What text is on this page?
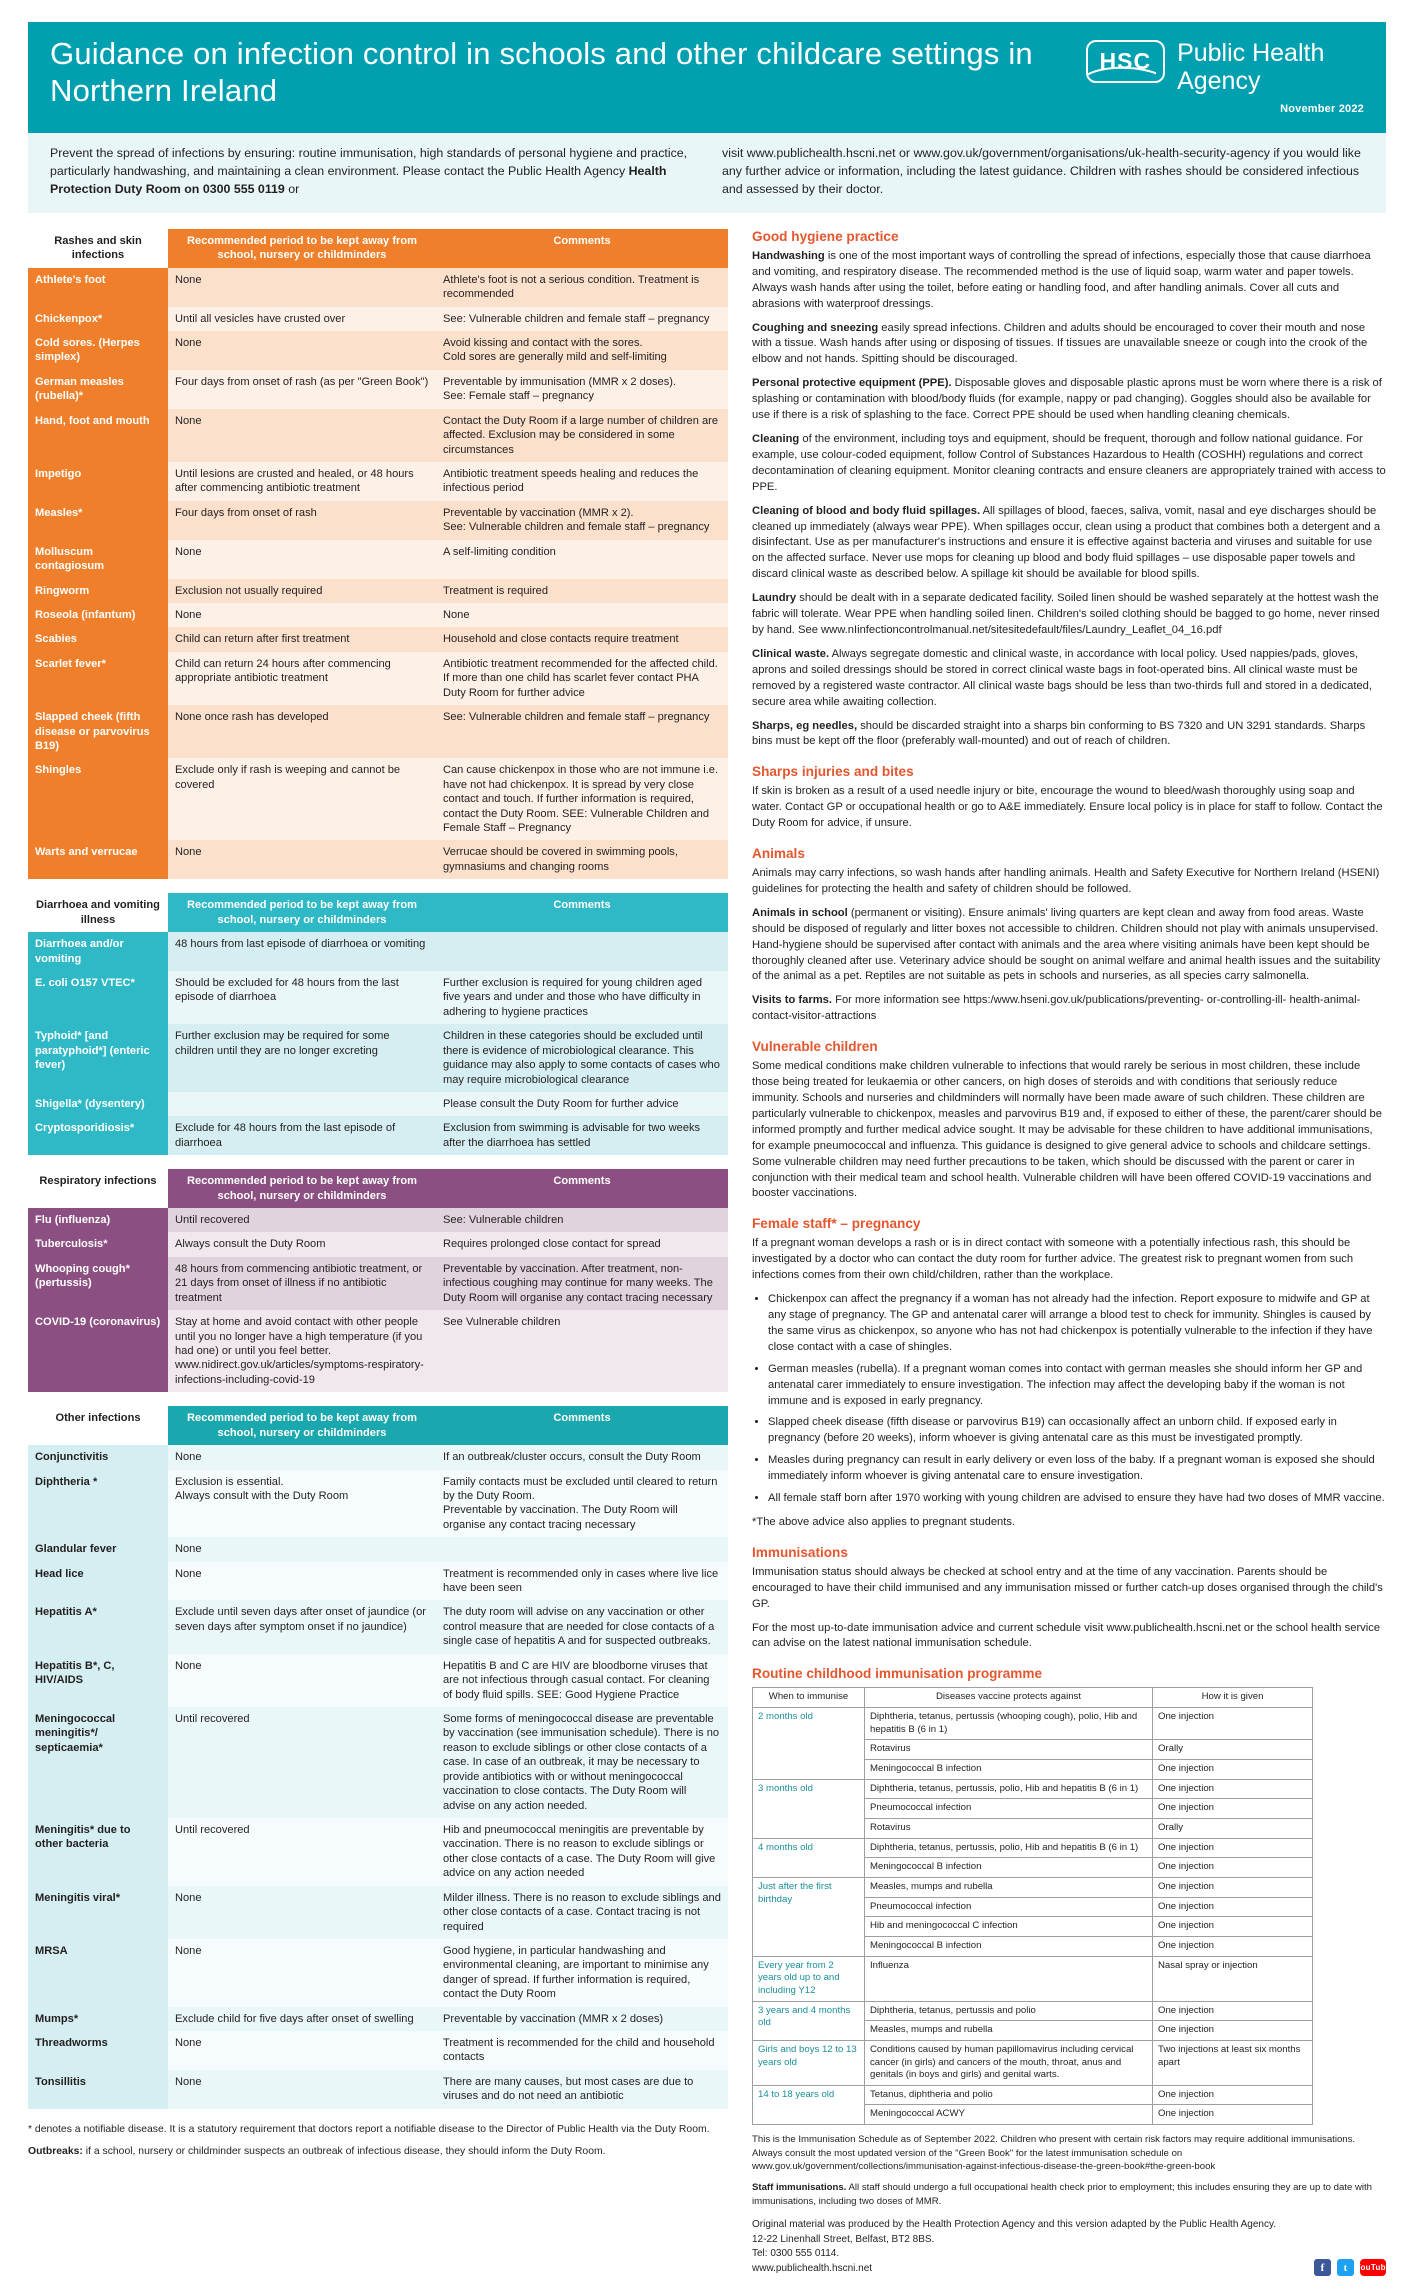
Guidance on infection control in schools and other childcare settings in Northern Ireland
HSC	Public Health Agency
November 2022

Prevent the spread of infections by ensuring: routine immunisation, high standards of personal hygiene and practice, particularly handwashing, and maintaining a clean environment. Please contact the Public Health Agency Health Protection Duty Room on 0300 555 0119 or

visit www.publichealth.hscni.net or www.gov.uk/government/organisations/uk-health-security-agency if you would like any further advice or information, including the latest guidance. Children with rashes should be considered infectious and assessed by their doctor.

Rashes and skin infections	Recommended period to be kept away from school, nursery or childminders	Comments
Athlete's foot	None	Athlete's foot is not a serious condition. Treatment is recommended
Chickenpox*	Until all vesicles have crusted over	See: Vulnerable children and female staff – pregnancy
Cold sores. (Herpes simplex)	None	Avoid kissing and contact with the sores.
Cold sores are generally mild and self-limiting
German measles (rubella)*	Four days from onset of rash (as per "Green Book")	Preventable by immunisation (MMR x 2 doses).
See: Female staff – pregnancy
Hand, foot and mouth	None	Contact the Duty Room if a large number of children are affected. Exclusion may be considered in some circumstances
Impetigo	Until lesions are crusted and healed, or 48 hours after commencing antibiotic treatment	Antibiotic treatment speeds healing and reduces the infectious period
Measles*	Four days from onset of rash	Preventable by vaccination (MMR x 2).
See: Vulnerable children and female staff – pregnancy
Molluscum contagiosum	None	A self-limiting condition
Ringworm	Exclusion not usually required	Treatment is required
Roseola (infantum)	None	None
Scabies	Child can return after first treatment	Household and close contacts require treatment
Scarlet fever*	Child can return 24 hours after commencing appropriate antibiotic treatment	Antibiotic treatment recommended for the affected child. If more than one child has scarlet fever contact PHA Duty Room for further advice
Slapped cheek (fifth disease or parvovirus B19)	None once rash has developed	See: Vulnerable children and female staff – pregnancy
Shingles	Exclude only if rash is weeping and cannot be covered	Can cause chickenpox in those who are not immune i.e. have not had chickenpox. It is spread by very close contact and touch. If further information is required, contact the Duty Room. SEE: Vulnerable Children and Female Staff – Pregnancy
Warts and verrucae	None	Verrucae should be covered in swimming pools, gymnasiums and changing rooms
Diarrhoea and vomiting illness	Recommended period to be kept away from school, nursery or childminders	Comments
Diarrhoea and/or vomiting	48 hours from last episode of diarrhoea or vomiting	
E. coli O157 VTEC*	Should be excluded for 48 hours from the last episode of diarrhoea	Further exclusion is required for young children aged five years and under and those who have difficulty in adhering to hygiene practices
Typhoid* [and paratyphoid*] (enteric fever)	Further exclusion may be required for some children until they are no longer excreting	Children in these categories should be excluded until there is evidence of microbiological clearance. This guidance may also apply to some contacts of cases who may require microbiological clearance
Shigella* (dysentery)		Please consult the Duty Room for further advice
Cryptosporidiosis*	Exclude for 48 hours from the last episode of diarrhoea	Exclusion from swimming is advisable for two weeks after the diarrhoea has settled
Respiratory infections	Recommended period to be kept away from school, nursery or childminders	Comments
Flu (influenza)	Until recovered	See: Vulnerable children
Tuberculosis*	Always consult the Duty Room	Requires prolonged close contact for spread
Whooping cough* (pertussis)	48 hours from commencing antibiotic treatment, or 21 days from onset of illness if no antibiotic treatment	Preventable by vaccination. After treatment, non-infectious coughing may continue for many weeks. The Duty Room will organise any contact tracing necessary
COVID-19 (coronavirus)	Stay at home and avoid contact with other people until you no longer have a high temperature (if you had one) or until you feel better. www.nidirect.gov.uk/articles/symptoms-respiratory-infections-including-covid-19	See Vulnerable children
Other infections	Recommended period to be kept away from school, nursery or childminders	Comments
Conjunctivitis	None	If an outbreak/cluster occurs, consult the Duty Room
Diphtheria *	Exclusion is essential.
Always consult with the Duty Room	Family contacts must be excluded until cleared to return by the Duty Room.
Preventable by vaccination. The Duty Room will organise any contact tracing necessary
Glandular fever	None	
Head lice	None	Treatment is recommended only in cases where live lice have been seen
Hepatitis A*	Exclude until seven days after onset of jaundice (or seven days after symptom onset if no jaundice)	The duty room will advise on any vaccination or other control measure that are needed for close contacts of a single case of hepatitis A and for suspected outbreaks.
Hepatitis B*, C, HIV/AIDS	None	Hepatitis B and C are HIV are bloodborne viruses that are not infectious through casual contact. For cleaning of body fluid spills. SEE: Good Hygiene Practice
Meningococcal meningitis*/ septicaemia*	Until recovered	Some forms of meningococcal disease are preventable by vaccination (see immunisation schedule). There is no reason to exclude siblings or other close contacts of a case. In case of an outbreak, it may be necessary to provide antibiotics with or without meningococcal vaccination to close contacts. The Duty Room will advise on any action needed.
Meningitis* due to other bacteria	Until recovered	Hib and pneumococcal meningitis are preventable by vaccination. There is no reason to exclude siblings or other close contacts of a case. The Duty Room will give advice on any action needed
Meningitis viral*	None	Milder illness. There is no reason to exclude siblings and other close contacts of a case. Contact tracing is not required
MRSA	None	Good hygiene, in particular handwashing and environmental cleaning, are important to minimise any danger of spread. If further information is required, contact the Duty Room
Mumps*	Exclude child for five days after onset of swelling	Preventable by vaccination (MMR x 2 doses)
Threadworms	None	Treatment is recommended for the child and household contacts
Tonsillitis	None	There are many causes, but most cases are due to viruses and do not need an antibiotic
* denotes a notifiable disease. It is a statutory requirement that doctors report a notifiable disease to the Director of Public Health via the Duty Room.
Outbreaks: if a school, nursery or childminder suspects an outbreak of infectious disease, they should inform the Duty Room.
Good hygiene practice

Handwashing is one of the most important ways of controlling the spread of infections, especially those that cause diarrhoea and vomiting, and respiratory disease. The recommended method is the use of liquid soap, warm water and paper towels. Always wash hands after using the toilet, before eating or handling food, and after handling animals. Cover all cuts and abrasions with waterproof dressings.

Coughing and sneezing easily spread infections. Children and adults should be encouraged to cover their mouth and nose with a tissue. Wash hands after using or disposing of tissues. If tissues are unavailable sneeze or cough into the crook of the elbow and not hands. Spitting should be discouraged.

Personal protective equipment (PPE). Disposable gloves and disposable plastic aprons must be worn where there is a risk of splashing or contamination with blood/body fluids (for example, nappy or pad changing). Goggles should also be available for use if there is a risk of splashing to the face. Correct PPE should be used when handling cleaning chemicals.

Cleaning of the environment, including toys and equipment, should be frequent, thorough and follow national guidance. For example, use colour-coded equipment, follow Control of Substances Hazardous to Health (COSHH) regulations and correct decontamination of cleaning equipment. Monitor cleaning contracts and ensure cleaners are appropriately trained with access to PPE.

Cleaning of blood and body fluid spillages. All spillages of blood, faeces, saliva, vomit, nasal and eye discharges should be cleaned up immediately (always wear PPE). When spillages occur, clean using a product that combines both a detergent and a disinfectant. Use as per manufacturer's instructions and ensure it is effective against bacteria and viruses and suitable for use on the affected surface. Never use mops for cleaning up blood and body fluid spillages – use disposable paper towels and discard clinical waste as described below. A spillage kit should be available for blood spills.

Laundry should be dealt with in a separate dedicated facility. Soiled linen should be washed separately at the hottest wash the fabric will tolerate. Wear PPE when handling soiled linen. Children's soiled clothing should be bagged to go home, never rinsed by hand. See www.nIinfectioncontrolmanual.net/sitesitedefault/files/Laundry_Leaflet_04_16.pdf

Clinical waste. Always segregate domestic and clinical waste, in accordance with local policy. Used nappies/pads, gloves, aprons and soiled dressings should be stored in correct clinical waste bags in foot-operated bins. All clinical waste must be removed by a registered waste contractor. All clinical waste bags should be less than two-thirds full and stored in a dedicated, secure area while awaiting collection.

Sharps, eg needles, should be discarded straight into a sharps bin conforming to BS 7320 and UN 3291 standards. Sharps bins must be kept off the floor (preferably wall-mounted) and out of reach of children.

Sharps injuries and bites

If skin is broken as a result of a used needle injury or bite, encourage the wound to bleed/wash thoroughly using soap and water. Contact GP or occupational health or go to A&E immediately. Ensure local policy is in place for staff to follow. Contact the Duty Room for advice, if unsure.

Animals

Animals may carry infections, so wash hands after handling animals. Health and Safety Executive for Northern Ireland (HSENI) guidelines for protecting the health and safety of children should be followed.

Animals in school (permanent or visiting). Ensure animals' living quarters are kept clean and away from food areas. Waste should be disposed of regularly and litter boxes not accessible to children. Children should not play with animals unsupervised. Hand-hygiene should be supervised after contact with animals and the area where visiting animals have been kept should be thoroughly cleaned after use. Veterinary advice should be sought on animal welfare and animal health issues and the suitability of the animal as a pet. Reptiles are not suitable as pets in schools and nurseries, as all species carry salmonella.

Visits to farms. For more information see https:/www.hseni.gov.uk/publications/preventing- or-controlling-ill- health-animal- contact-visitor-attractions

Vulnerable children

Some medical conditions make children vulnerable to infections that would rarely be serious in most children, these include those being treated for leukaemia or other cancers, on high doses of steroids and with conditions that seriously reduce immunity. Schools and nurseries and childminders will normally have been made aware of such children. These children are particularly vulnerable to chickenpox, measles and parvovirus B19 and, if exposed to either of these, the parent/carer should be informed promptly and further medical advice sought. It may be advisable for these children to have additional immunisations, for example pneumococcal and influenza. This guidance is designed to give general advice to schools and childcare settings. Some vulnerable children may need further precautions to be taken, which should be discussed with the parent or carer in conjunction with their medical team and school health. Vulnerable children will have been offered COVID-19 vaccinations and booster vaccinations.

Female staff* – pregnancy

If a pregnant woman develops a rash or is in direct contact with someone with a potentially infectious rash, this should be investigated by a doctor who can contact the duty room for further advice. The greatest risk to pregnant women from such infections comes from their own child/children, rather than the workplace.

• Chickenpox can affect the pregnancy if a woman has not already had the infection. Report exposure to midwife and GP at any stage of pregnancy. The GP and antenatal carer will arrange a blood test to check for immunity. Shingles is caused by the same virus as chickenpox, so anyone who has not had chickenpox is potentially vulnerable to the infection if they have close contact with a case of shingles.
• German measles (rubella). If a pregnant woman comes into contact with german measles she should inform her GP and antenatal carer immediately to ensure investigation. The infection may affect the developing baby if the woman is not immune and is exposed in early pregnancy.
• Slapped cheek disease (fifth disease or parvovirus B19) can occasionally affect an unborn child. If exposed early in pregnancy (before 20 weeks), inform whoever is giving antenatal care as this must be investigated promptly.
• Measles during pregnancy can result in early delivery or even loss of the baby. If a pregnant woman is exposed she should immediately inform whoever is giving antenatal care to ensure investigation.
• All female staff born after 1970 working with young children are advised to ensure they have had two doses of MMR vaccine.

*The above advice also applies to pregnant students.

Immunisations

Immunisation status should always be checked at school entry and at the time of any vaccination. Parents should be encouraged to have their child immunised and any immunisation missed or further catch-up doses organised through the child's GP.

For the most up-to-date immunisation advice and current schedule visit www.publichealth.hscni.net or the school health service can advise on the latest national immunisation schedule.

Routine childhood immunisation programme
When to immunise	Diseases vaccine protects against	How it is given
2 months old	Diphtheria, tetanus, pertussis (whooping cough), polio, Hib and hepatitis B (6 in 1)	One injection
	Rotavirus	Orally
	Meningococcal B infection	One injection
3 months old	Diphtheria, tetanus, pertussis, polio, Hib and hepatitis B (6 in 1)	One injection
	Pneumococcal infection	One injection
	Rotavirus	Orally
4 months old	Diphtheria, tetanus, pertussis, polio, Hib and hepatitis B (6 in 1)	One injection
	Meningococcal B infection	One injection
Just after the first birthday	Measles, mumps and rubella	One injection
	Pneumococcal infection	One injection
	Hib and meningococcal C infection	One injection
	Meningococcal B infection	One injection
Every year from 2 years old up to and including Y12	Influenza	Nasal spray or injection
3 years and 4 months old	Diphtheria, tetanus, pertussis and polio	One injection
	Measles, mumps and rubella	One injection
Girls and boys 12 to 13 years old	Conditions caused by human papillomavirus including cervical cancer (in girls) and cancers of the mouth, throat, anus and genitals (in boys and girls) and genital warts.	Two injections at least six months apart
14 to 18 years old	Tetanus, diphtheria and polio	One injection
	Meningococcal ACWY	One injection
This is the Immunisation Schedule as of September 2022. Children who present with certain risk factors may require additional immunisations. Always consult the most updated version of the "Green Book" for the latest immunisation schedule on www.gov.uk/government/collections/immunisation-against-infectious-disease-the-green-book#the-green-book
Staff immunisations. All staff should undergo a full occupational health check prior to employment; this includes ensuring they are up to date with immunisations, including two doses of MMR.
Original material was produced by the Health Protection Agency and this version adapted by the Public Health Agency.
12-22 Linenhall Street, Belfast, BT2 8BS.
Tel: 0300 555 0114.
www.publichealth.hscni.net	f	t	YouTube
